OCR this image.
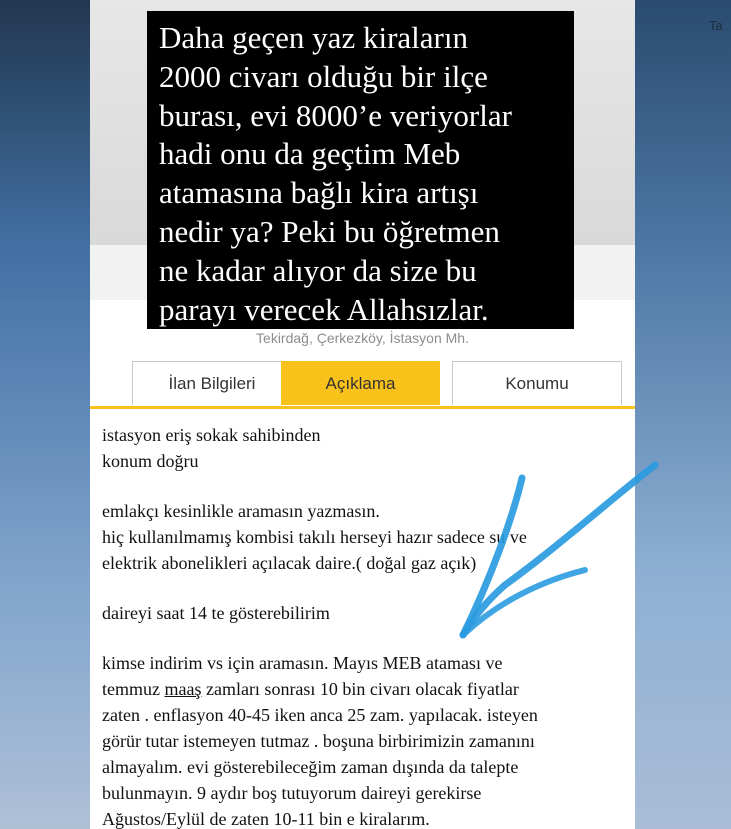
Ta
Tekirdağ, Çerkezköy, İstasyon Mh.
İlan Bilgileri	Açıklama	Konumu

istasyon eriş sokak sahibinden
konum doğru

emlakçı kesinlikle aramasın yazmasın.
hiç kullanılmamış kombisi takılı herseyi hazır sadece su ve
elektrik abonelikleri açılacak daire.( doğal gaz açık)

daireyi saat 14 te gösterebilirim

kimse indirim vs için aramasın. Mayıs MEB ataması ve
temmuz maaş zamları sonrası 10 bin civarı olacak fiyatlar
zaten . enflasyon 40-45 iken anca 25 zam. yapılacak. isteyen
görür tutar istemeyen tutmaz . boşuna birbirimizin zamanını
almayalım. evi gösterebileceğim zaman dışında da talepte
bulunmayın. 9 aydır boş tutuyorum daireyi gerekirse
Ağustos/Eylül de zaten 10-11 bin e kiralarım.

Daha geçen yaz kiraların
2000 civarı olduğu bir ilçe
burası, evi 8000’e veriyorlar
hadi onu da geçtim Meb
atamasına bağlı kira artışı
nedir ya? Peki bu öğretmen
ne kadar alıyor da size bu
parayı verecek Allahsızlar.
